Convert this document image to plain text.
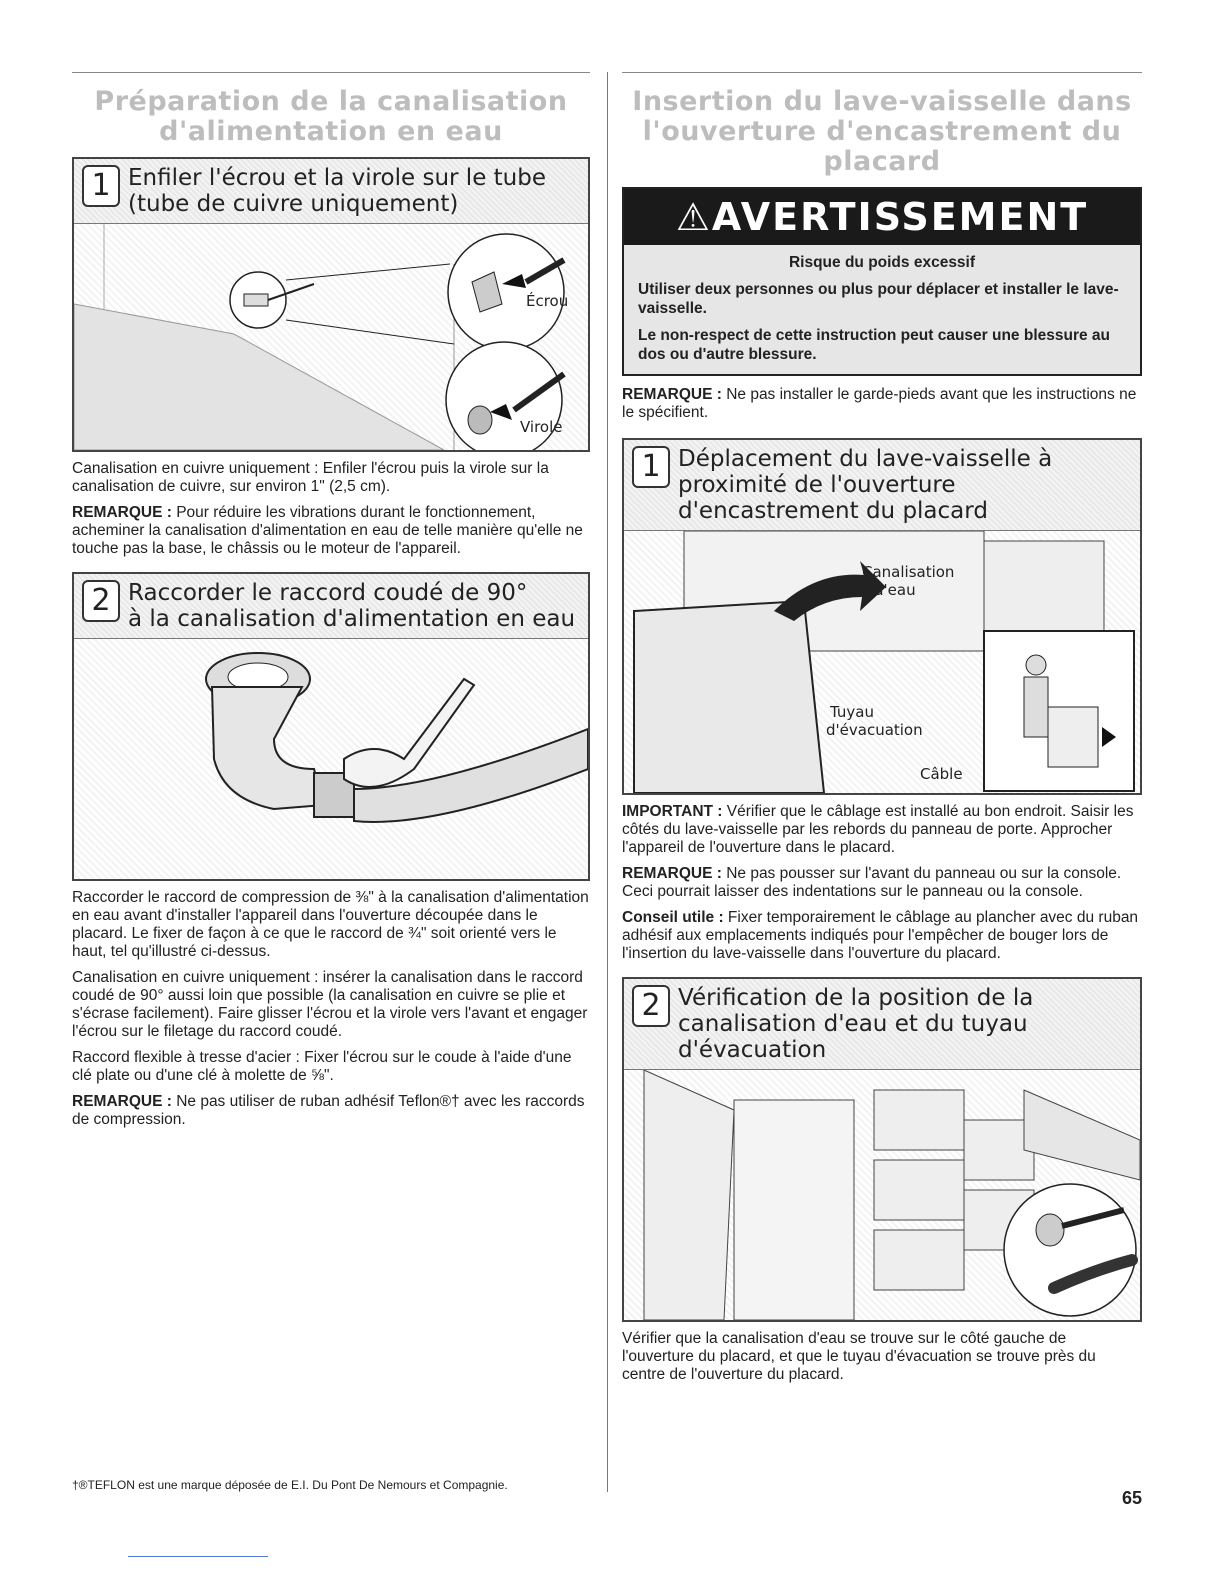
Préparation de la canalisation
d'alimentation en eau
1 Enfiler l'écrou et la virole sur le tube
(tube de cuivre uniquement)
Écrou
Virole

Canalisation en cuivre uniquement : Enfiler l'écrou puis la virole sur la canalisation de cuivre, sur environ 1" (2,5 cm).

REMARQUE : Pour réduire les vibrations durant le fonctionnement, acheminer la canalisation d'alimentation en eau de telle manière qu'elle ne touche pas la base, le châssis ou le moteur de l'appareil.

2 Raccorder le raccord coudé de 90°
à la canalisation d'alimentation en eau

Raccorder le raccord de compression de ⅜" à la canalisation d'alimentation en eau avant d'installer l'appareil dans l'ouverture découpée dans le placard. Le fixer de façon à ce que le raccord de ¾" soit orienté vers le haut, tel qu'illustré ci-dessus.

Canalisation en cuivre uniquement : insérer la canalisation dans le raccord coudé de 90° aussi loin que possible (la canalisation en cuivre se plie et s'écrase facilement). Faire glisser l'écrou et la virole vers l'avant et engager l'écrou sur le filetage du raccord coudé.

Raccord flexible à tresse d'acier : Fixer l'écrou sur le coude à l'aide d'une clé plate ou d'une clé à molette de ⅝".

REMARQUE : Ne pas utiliser de ruban adhésif Teflon®† avec les raccords de compression.

Insertion du lave-vaisselle dans
l'ouverture d'encastrement du placard
⚠AVERTISSEMENT
Risque du poids excessif
Utiliser deux personnes ou plus pour déplacer et installer le lave-vaisselle.
Le non-respect de cette instruction peut causer une blessure au dos ou d'autre blessure.

REMARQUE : Ne pas installer le garde-pieds avant que les instructions ne le spécifient.

1 Déplacement du lave-vaisselle à
proximité de l'ouverture
d'encastrement du placard
Canalisation
d'eau
Tuyau
d'évacuation
Câble

IMPORTANT : Vérifier que le câblage est installé au bon endroit. Saisir les côtés du lave-vaisselle par les rebords du panneau de porte. Approcher l'appareil de l'ouverture dans le placard.

REMARQUE : Ne pas pousser sur l'avant du panneau ou sur la console. Ceci pourrait laisser des indentations sur le panneau ou la console.

Conseil utile : Fixer temporairement le câblage au plancher avec du ruban adhésif aux emplacements indiqués pour l'empêcher de bouger lors de l'insertion du lave-vaisselle dans l'ouverture du placard.

2 Vérification de la position de la
canalisation d'eau et du tuyau
d'évacuation

Vérifier que la canalisation d'eau se trouve sur le côté gauche de l'ouverture du placard, et que le tuyau d'évacuation se trouve près du centre de l'ouverture du placard.

†®TEFLON est une marque déposée de E.I. Du Pont De Nemours et Compagnie.
65
